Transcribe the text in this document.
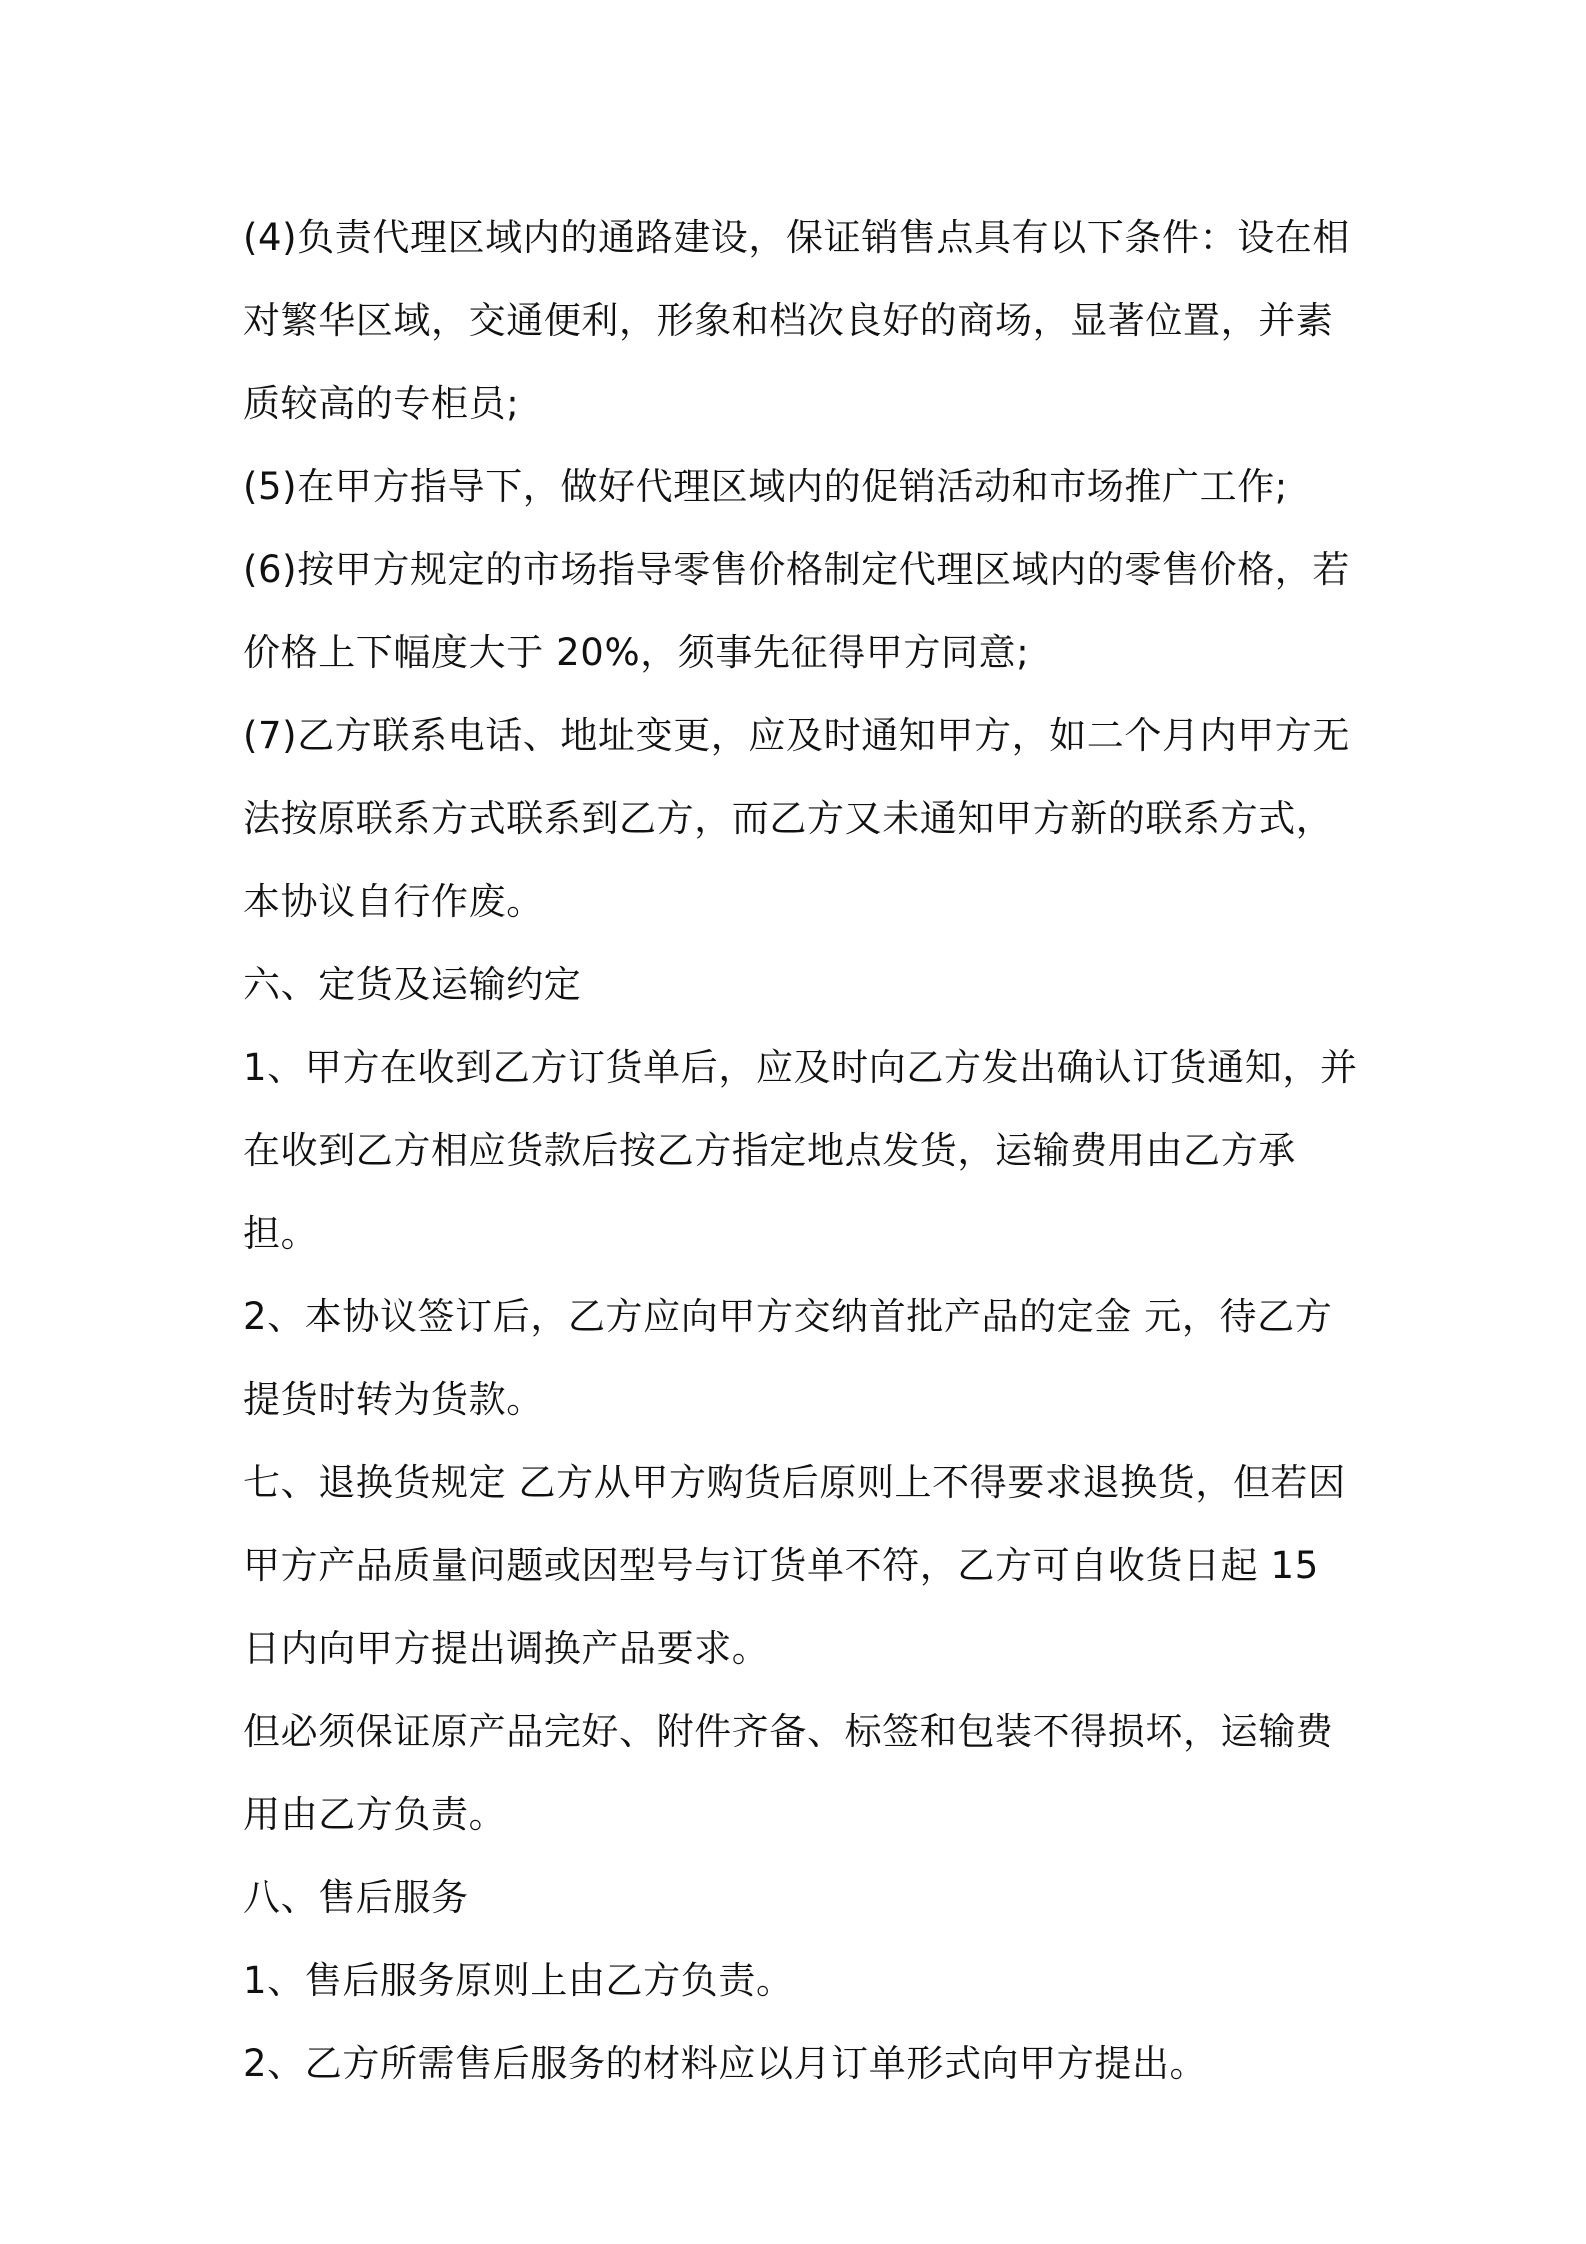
(4)负责代理区域内的通路建设，保证销售点具有以下条件：设在相对繁华区域，交通便利，形象和档次良好的商场，显著位置，并素质较高的专柜员;

(5)在甲方指导下，做好代理区域内的促销活动和市场推广工作;

(6)按甲方规定的市场指导零售价格制定代理区域内的零售价格，若价格上下幅度大于 20%，须事先征得甲方同意;

(7)乙方联系电话、地址变更，应及时通知甲方，如二个月内甲方无法按原联系方式联系到乙方，而乙方又未通知甲方新的联系方式，本协议自行作废。

六、定货及运输约定

1、甲方在收到乙方订货单后，应及时向乙方发出确认订货通知，并在收到乙方相应货款后按乙方指定地点发货，运输费用由乙方承担。

2、本协议签订后，乙方应向甲方交纳首批产品的定金 元，待乙方提货时转为货款。

七、退换货规定 乙方从甲方购货后原则上不得要求退换货，但若因甲方产品质量问题或因型号与订货单不符，乙方可自收货日起 15 日内向甲方提出调换产品要求。

但必须保证原产品完好、附件齐备、标签和包装不得损坏，运输费用由乙方负责。

八、售后服务

1、售后服务原则上由乙方负责。

2、乙方所需售后服务的材料应以月订单形式向甲方提出。
